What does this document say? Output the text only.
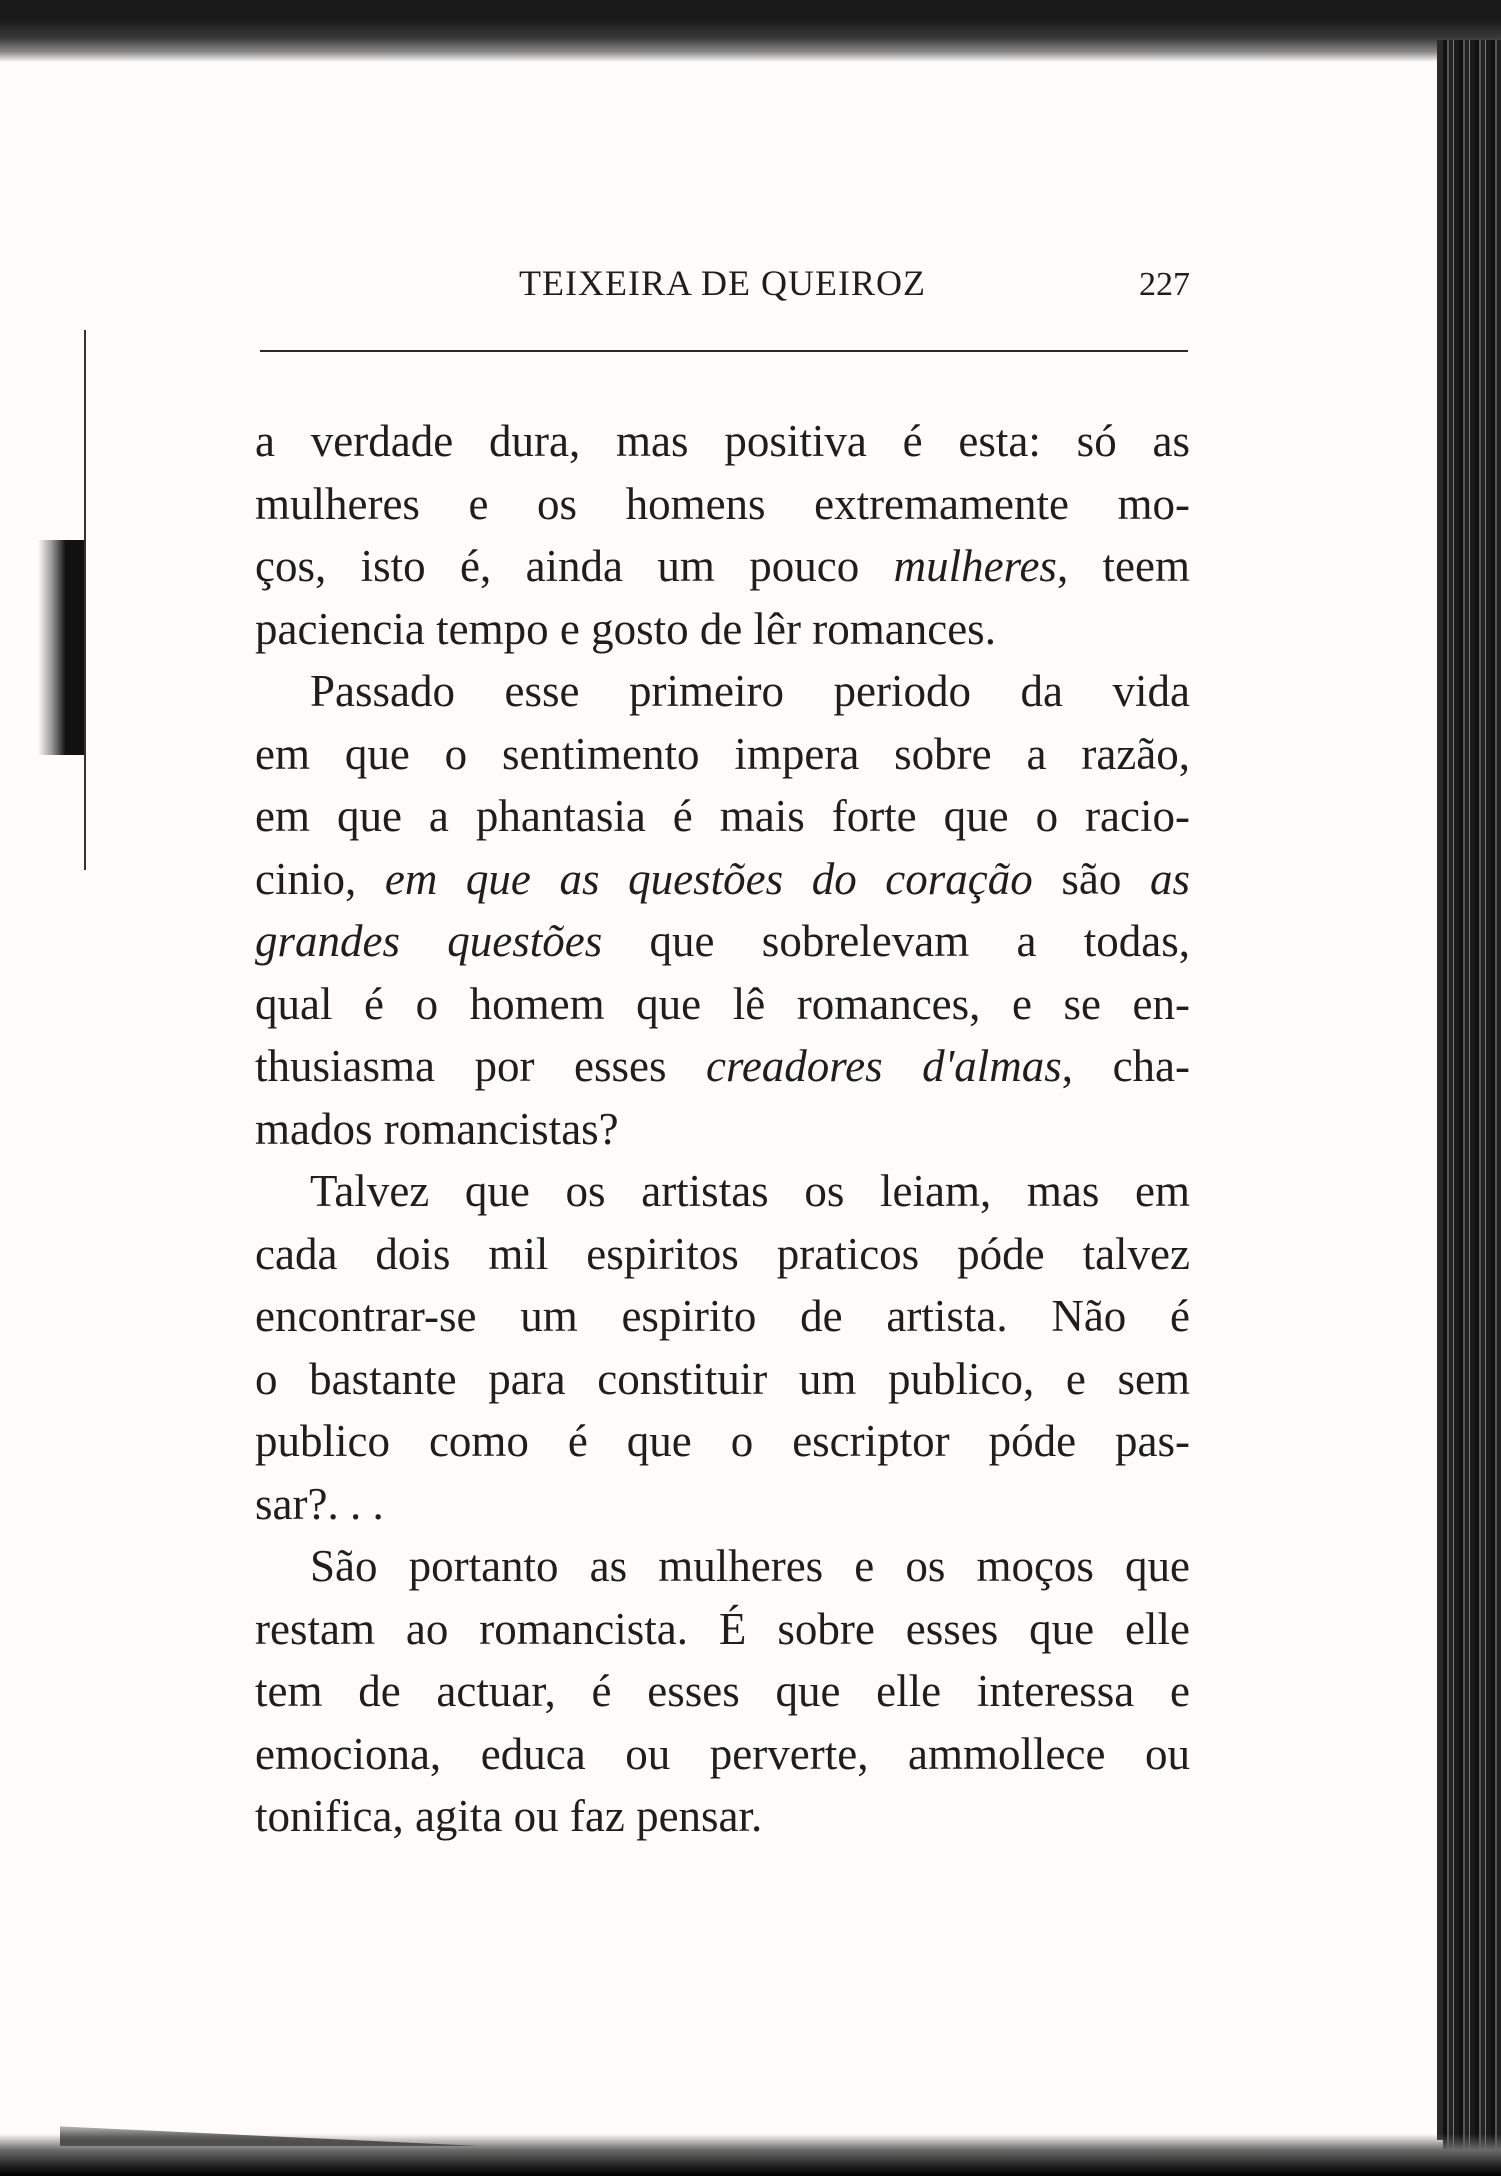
TEIXEIRA DE QUEIROZ	227
a verdade dura, mas positiva é esta: só as
mulheres e os homens extremamente mo-
ços, isto é, ainda um pouco mulheres, teem
paciencia tempo e gosto de lêr romances.
Passado esse primeiro periodo da vida
em que o sentimento impera sobre a razão,
em que a phantasia é mais forte que o racio-
cinio, em que as questões do coração são as
grandes questões que sobrelevam a todas,
qual é o homem que lê romances, e se en-
thusiasma por esses creadores d'almas, cha-
mados romancistas?
Talvez que os artistas os leiam, mas em
cada dois mil espiritos praticos póde talvez
encontrar-se um espirito de artista. Não é
o bastante para constituir um publico, e sem
publico como é que o escriptor póde pas-
sar?. . .
São portanto as mulheres e os moços que
restam ao romancista. É sobre esses que elle
tem de actuar, é esses que elle interessa e
emociona, educa ou perverte, ammollece ou
tonifica, agita ou faz pensar.
